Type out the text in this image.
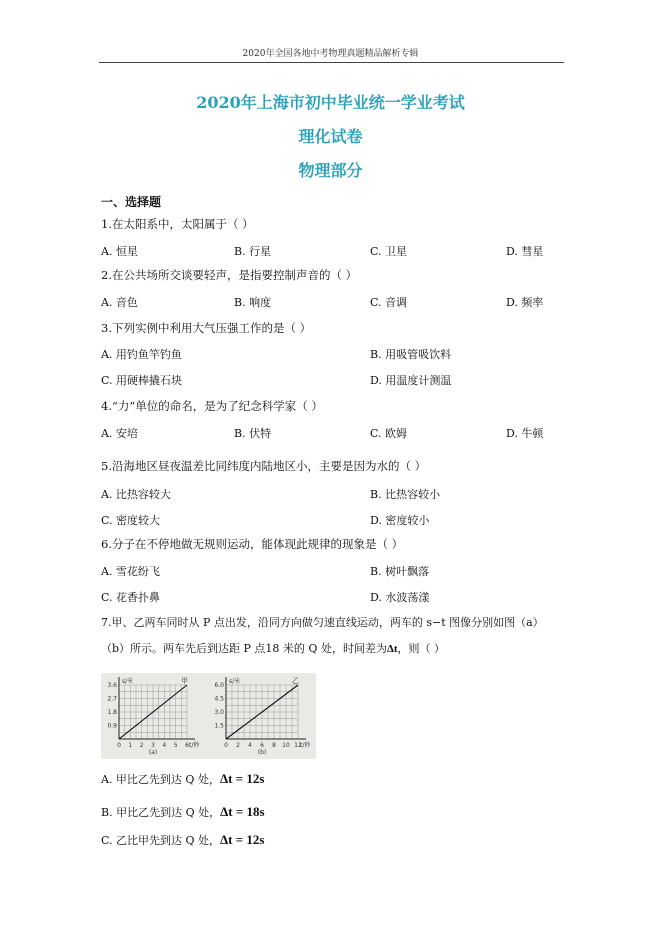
2020年全国各地中考物理真题精品解析专辑
2020年上海市初中毕业统一学业考试
理化试卷
物理部分
一、选择题
1.在太阳系中，太阳属于（ ）
A. 恒星	B. 行星	C. 卫星	D. 彗星
2.在公共场所交谈要轻声，是指要控制声音的（ ）
A. 音色	B. 响度	C. 音调	D. 频率
3.下列实例中利用大气压强工作的是（ ）
A. 用钓鱼竿钓鱼	B. 用吸管吸饮料
C. 用硬棒撬石块	D. 用温度计测温
4.“力”单位的命名，是为了纪念科学家（ ）
A. 安培	B. 伏特	C. 欧姆	D. 牛顿
5.沿海地区昼夜温差比同纬度内陆地区小，主要是因为水的（ ）
A. 比热容较大	B. 比热容较小
C. 密度较大	D. 密度较小
6.分子在不停地做无规则运动，能体现此规律的现象是（ ）
A. 雪花纷飞	B. 树叶飘落
C. 花香扑鼻	D. 水波荡漾
7.甲、乙两车同时从 P 点出发，沿同方向做匀速直线运动，两车的 s−t 图像分别如图（a）
（b）所示。两车先后到达距 P 点18 米的 Q 处，时间差为Δt，则（ ）
3.6
2.7
1.8
0.9
0 1 2 3 4 5 6
s/米
t/秒
甲
(a)
6.0
4.5
3.0
1.5
0 2 4 6 8 10 12
s/米
t/秒
乙
(b)
A. 甲比乙先到达 Q 处，Δt = 12s
B. 甲比乙先到达 Q 处，Δt = 18s
C. 乙比甲先到达 Q 处，Δt = 12s
